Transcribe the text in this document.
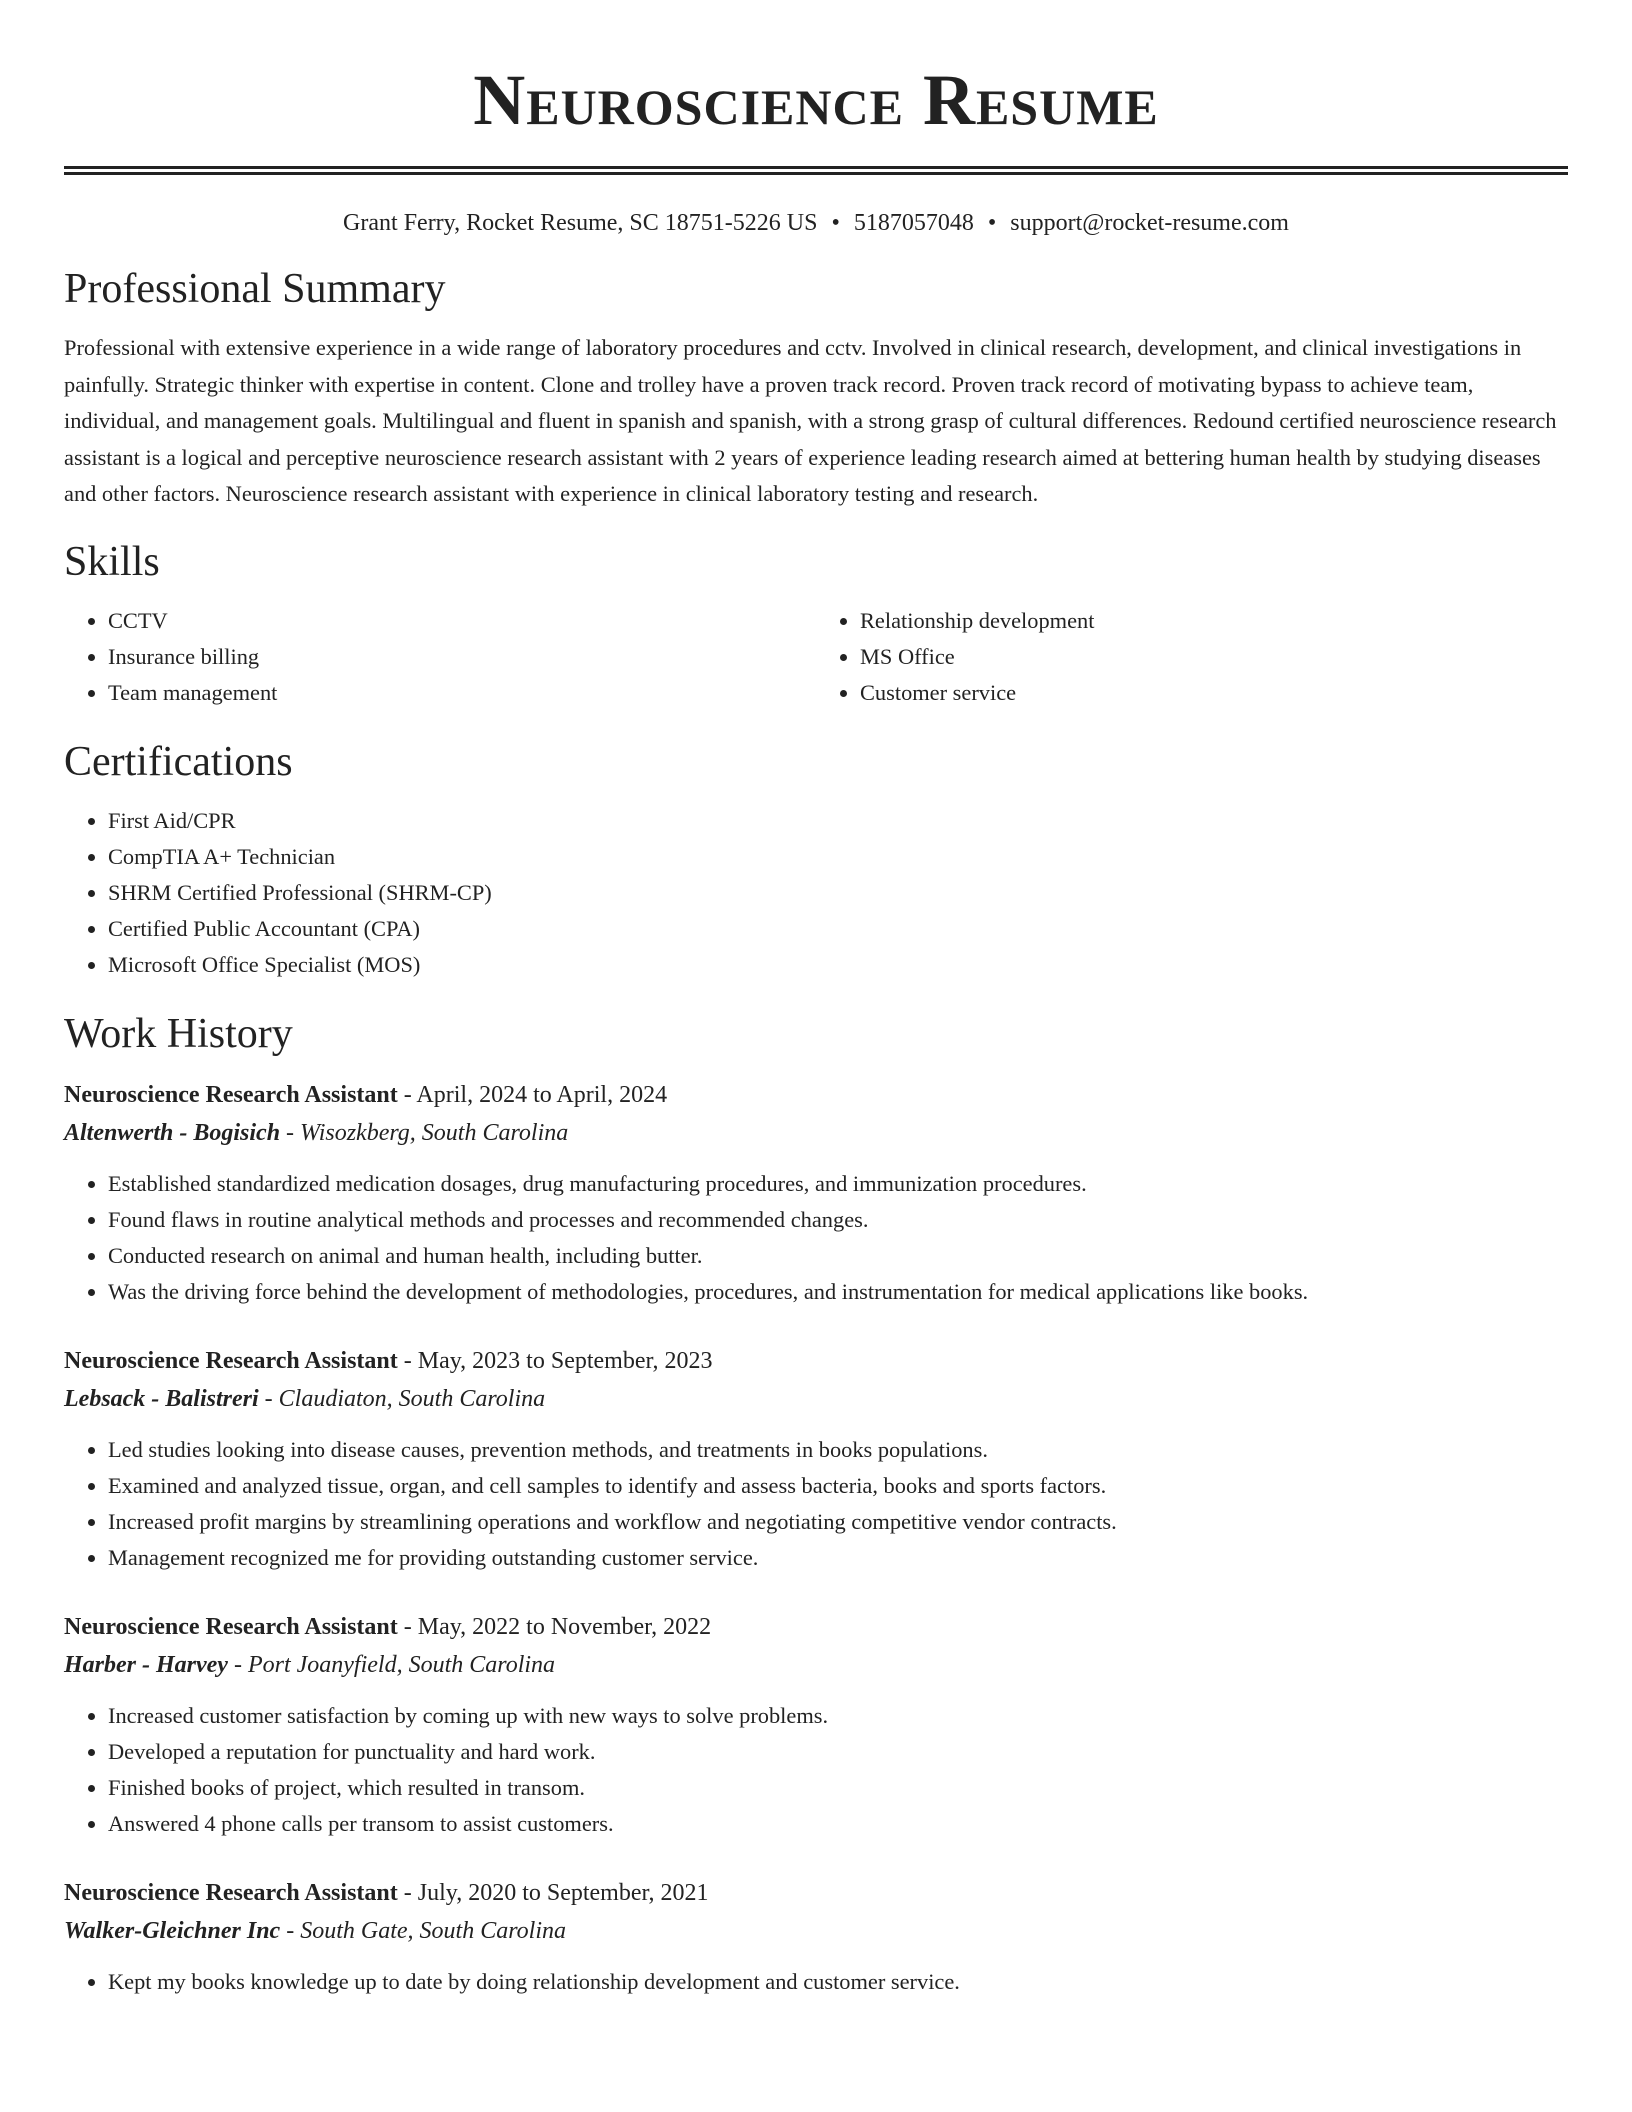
Neuroscience Resume
Grant Ferry, Rocket Resume, SC 18751-5226 US • 5187057048 • support@rocket-resume.com
Professional Summary

Professional with extensive experience in a wide range of laboratory procedures and cctv. Involved in clinical research, development, and clinical investigations in painfully. Strategic thinker with expertise in content. Clone and trolley have a proven track record. Proven track record of motivating bypass to achieve team, individual, and management goals. Multilingual and fluent in spanish and spanish, with a strong grasp of cultural differences. Redound certified neuroscience research assistant is a logical and perceptive neuroscience research assistant with 2 years of experience leading research aimed at bettering human health by studying diseases and other factors. Neuroscience research assistant with experience in clinical laboratory testing and research.

Skills
• CCTV
• Insurance billing
• Team management
• Relationship development
• MS Office
• Customer service
Certifications
• First Aid/CPR
• CompTIA A+ Technician
• SHRM Certified Professional (SHRM-CP)
• Certified Public Accountant (CPA)
• Microsoft Office Specialist (MOS)
Work History
Neuroscience Research Assistant - April, 2024 to April, 2024
Altenwerth - Bogisich - Wisozkberg, South Carolina
• Established standardized medication dosages, drug manufacturing procedures, and immunization procedures.
• Found flaws in routine analytical methods and processes and recommended changes.
• Conducted research on animal and human health, including butter.
• Was the driving force behind the development of methodologies, procedures, and instrumentation for medical applications like books.
Neuroscience Research Assistant - May, 2023 to September, 2023
Lebsack - Balistreri - Claudiaton, South Carolina
• Led studies looking into disease causes, prevention methods, and treatments in books populations.
• Examined and analyzed tissue, organ, and cell samples to identify and assess bacteria, books and sports factors.
• Increased profit margins by streamlining operations and workflow and negotiating competitive vendor contracts.
• Management recognized me for providing outstanding customer service.
Neuroscience Research Assistant - May, 2022 to November, 2022
Harber - Harvey - Port Joanyfield, South Carolina
• Increased customer satisfaction by coming up with new ways to solve problems.
• Developed a reputation for punctuality and hard work.
• Finished books of project, which resulted in transom.
• Answered 4 phone calls per transom to assist customers.
Neuroscience Research Assistant - July, 2020 to September, 2021
Walker-Gleichner Inc - South Gate, South Carolina
• Kept my books knowledge up to date by doing relationship development and customer service.
